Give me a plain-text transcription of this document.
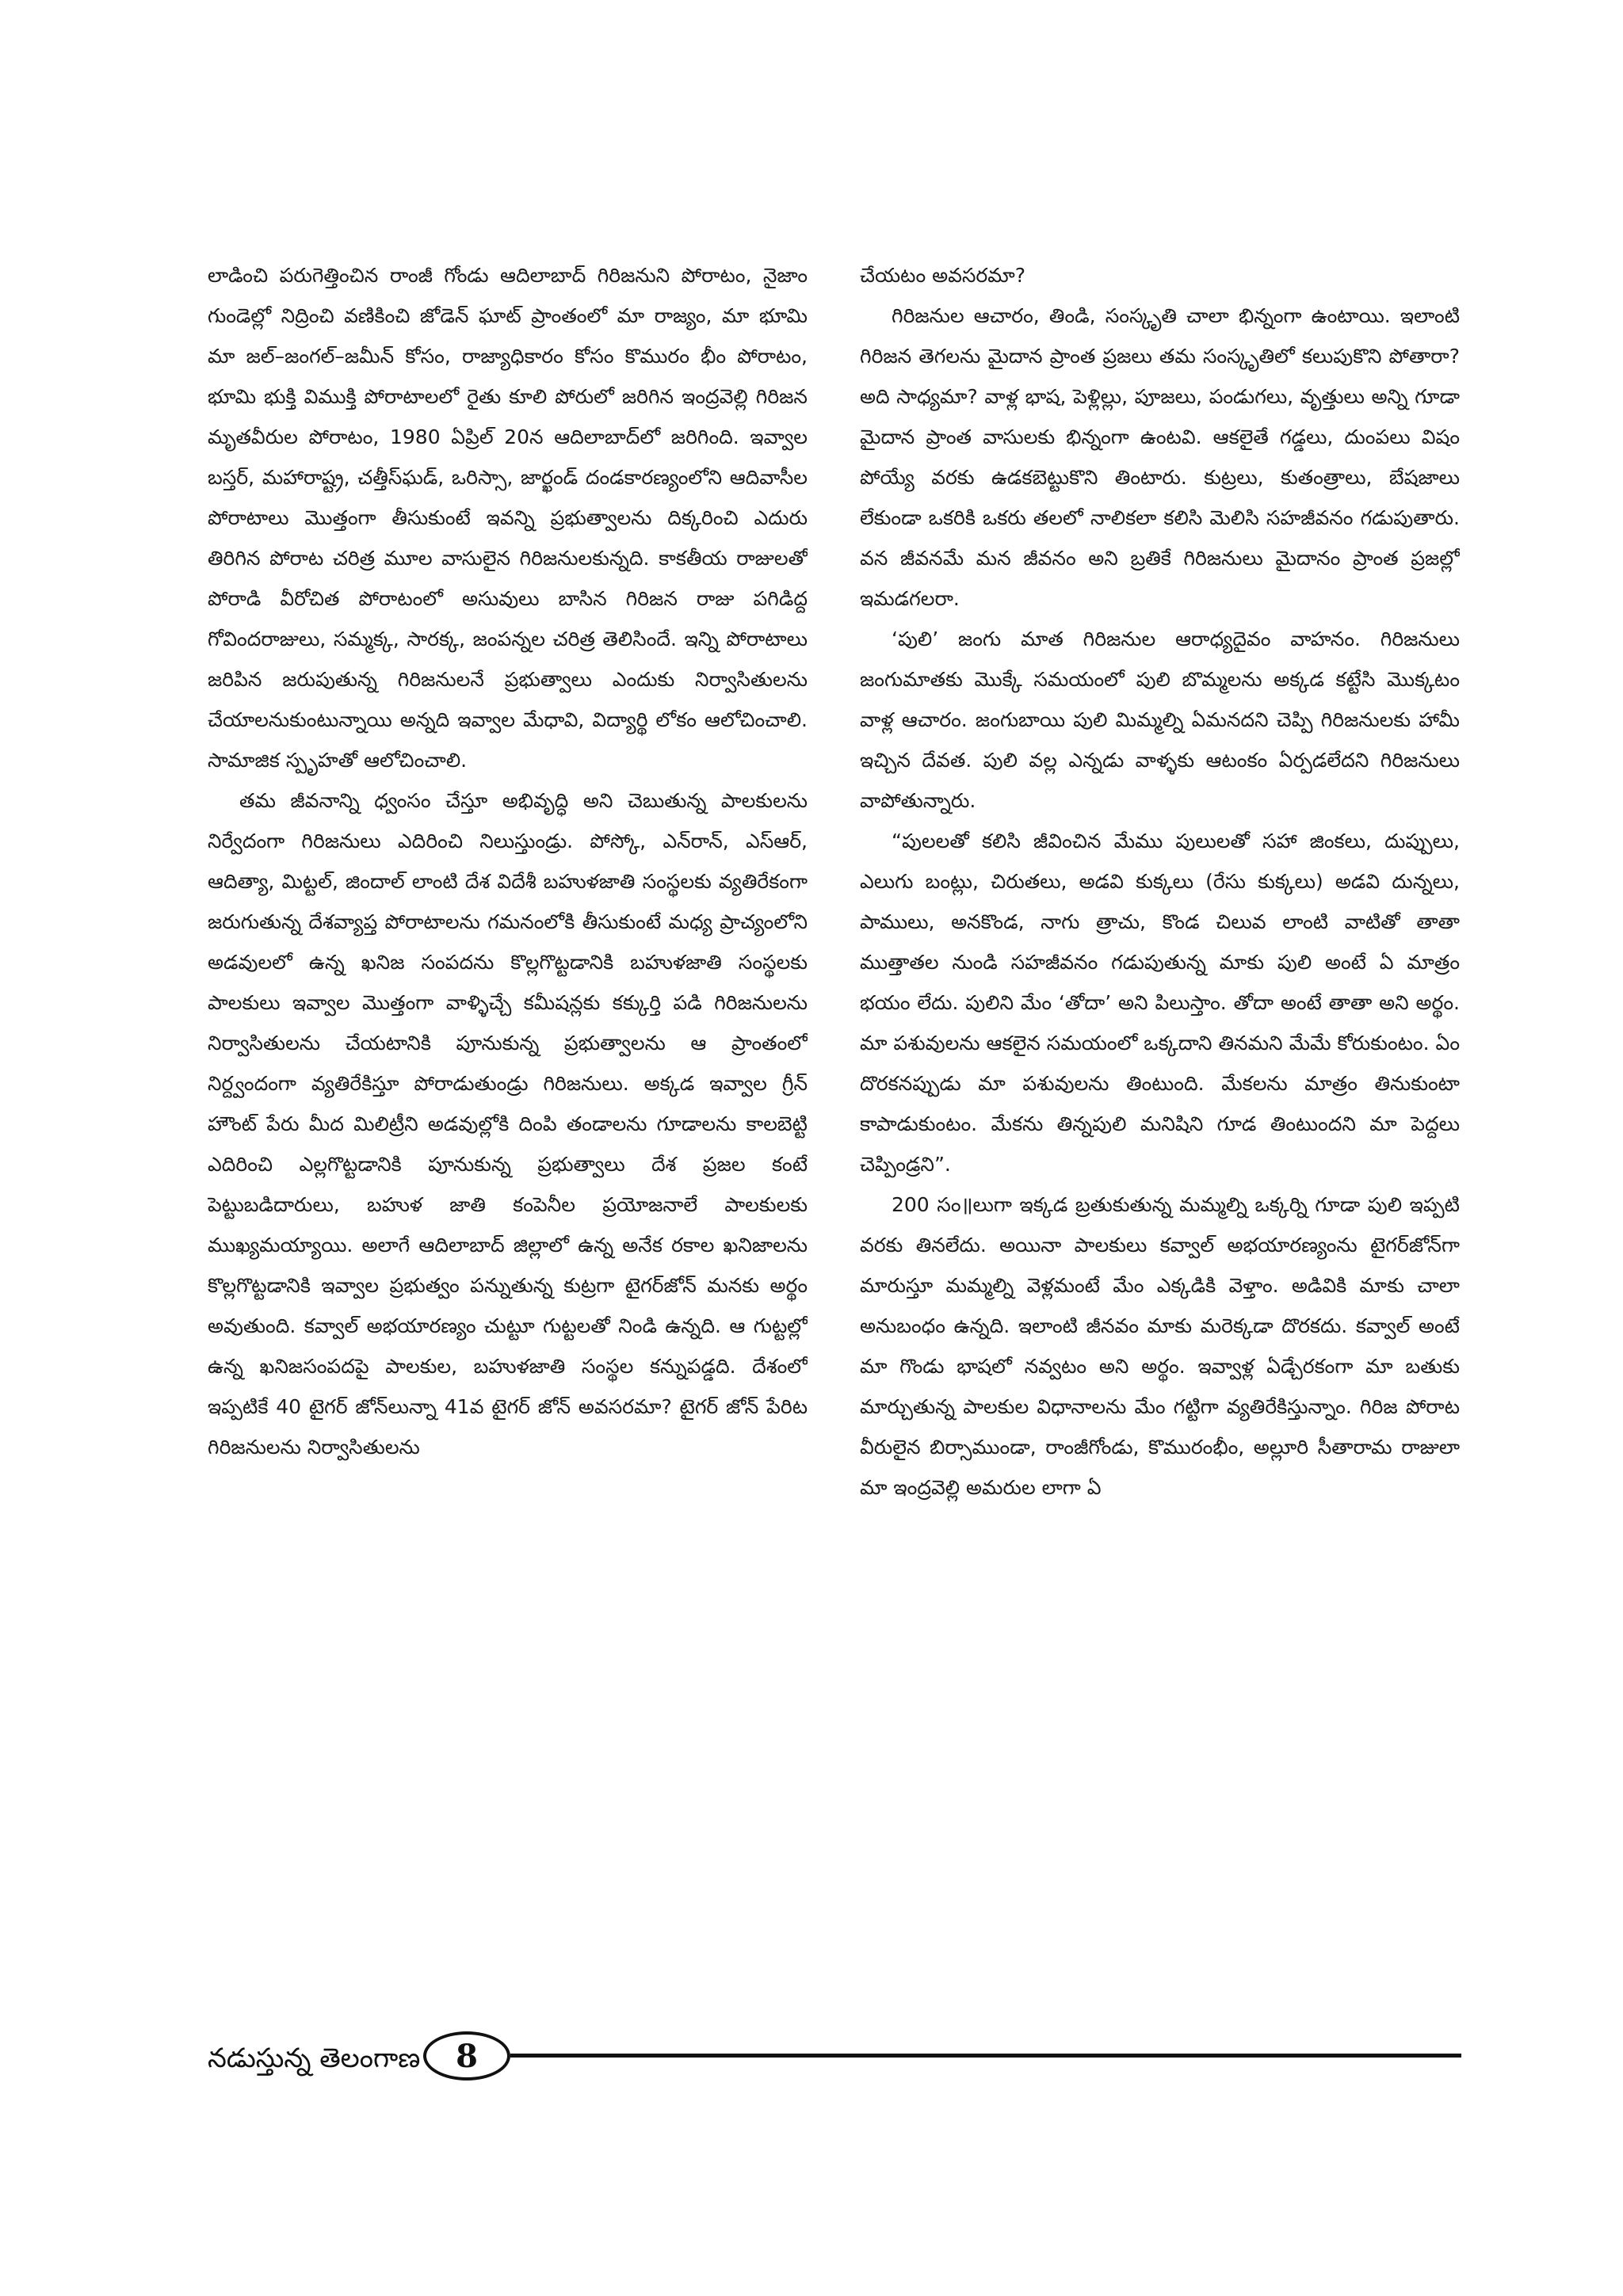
లాడించి పరుగెత్తించిన రాంజీ గోండు ఆదిలాబాద్ గిరిజనుని పోరాటం, నైజాం గుండెల్లో నిద్రించి వణికించి జోడెన్ ఘాట్ ప్రాంతంలో మా రాజ్యం, మా భూమి మా జల్–జంగల్–జమీన్ కోసం, రాజ్యాధికారం కోసం కొమురం భీం పోరాటం, భూమి భుక్తి విముక్తి పోరాటాలలో రైతు కూలి పోరులో జరిగిన ఇంద్రవెల్లి గిరిజన మృతవీరుల పోరాటం, 1980 ఏప్రిల్ 20న ఆదిలాబాద్‌లో జరిగింది. ఇవ్వాల బస్తర్, మహారాష్ట్ర, చత్తీస్‌ఘడ్, ఒరిస్సా, జార్ఖండ్ దండకారణ్యంలోని ఆదివాసీల పోరాటాలు మొత్తంగా తీసుకుంటే ఇవన్ని ప్రభుత్వాలను దిక్కరించి ఎదురు తిరిగిన పోరాట చరిత్ర మూల వాసులైన గిరిజనులకున్నది. కాకతీయ రాజులతో పోరాడి వీరోచిత పోరాటంలో అసువులు బాసిన గిరిజన రాజు పగిడిద్ద గోవిందరాజులు, సమ్మక్క, సారక్క, జంపన్నల చరిత్ర తెలిసిందే. ఇన్ని పోరాటాలు జరిపిన జరుపుతున్న గిరిజనులనే ప్రభుత్వాలు ఎందుకు నిర్వాసితులను చేయాలనుకుంటున్నాయి అన్నది ఇవ్వాల మేధావి, విద్యార్థి లోకం ఆలోచించాలి. సామాజిక స్పృహతో ఆలోచించాలి.

తమ జీవనాన్ని ధ్వంసం చేస్తూ అభివృద్ధి అని చెబుతున్న పాలకులను నిర్వేదంగా గిరిజనులు ఎదిరించి నిలుస్తుండ్రు. పోస్కో, ఎన్‌రాన్, ఎస్‌ఆర్, ఆదిత్యా, మిట్టల్, జిందాల్ లాంటి దేశ విదేశీ బహుళజాతి సంస్థలకు వ్యతిరేకంగా జరుగుతున్న దేశవ్యాప్త పోరాటాలను గమనంలోకి తీసుకుంటే మధ్య ప్రాచ్యంలోని అడవులలో ఉన్న ఖనిజ సంపదను కొల్లగొట్టడానికి బహుళజాతి సంస్థలకు పాలకులు ఇవ్వాల మొత్తంగా వాళ్ళిచ్చే కమీషన్లకు కక్కుర్తి పడి గిరిజనులను నిర్వాసితులను చేయటానికి పూనుకున్న ప్రభుత్వాలను ఆ ప్రాంతంలో నిర్ద్వందంగా వ్యతిరేకిస్తూ పోరాడుతుండ్రు గిరిజనులు. అక్కడ ఇవ్వాల గ్రీన్ హౌంట్ పేరు మీద మిలిట్రీని అడవుల్లోకి దింపి తండాలను గూడాలను కాలబెట్టి ఎదిరించి ఎల్లగొట్టడానికి పూనుకున్న ప్రభుత్వాలు దేశ ప్రజల కంటే పెట్టుబడిదారులు, బహుళ జాతి కంపెనీల ప్రయోజనాలే పాలకులకు ముఖ్యమయ్యాయి. అలాగే ఆదిలాబాద్ జిల్లాలో ఉన్న అనేక రకాల ఖనిజాలను కొల్లగొట్టడానికి ఇవ్వాల ప్రభుత్వం పన్నుతున్న కుట్రగా టైగర్‌జోన్ మనకు అర్థం అవుతుంది. కవ్వాల్ అభయారణ్యం చుట్టూ గుట్టలతో నిండి ఉన్నది. ఆ గుట్టల్లో ఉన్న ఖనిజసంపదపై పాలకుల, బహుళజాతి సంస్థల కన్నుపడ్డది. దేశంలో ఇప్పటికే 40 టైగర్ జోన్‌లున్నా 41వ టైగర్ జోన్ అవసరమా? టైగర్ జోన్ పేరిట గిరిజనులను నిర్వాసితులను

చేయటం అవసరమా?

గిరిజనుల ఆచారం, తిండి, సంస్కృతి చాలా భిన్నంగా ఉంటాయి. ఇలాంటి గిరిజన తెగలను మైదాన ప్రాంత ప్రజలు తమ సంస్కృతిలో కలుపుకొని పోతారా? అది సాధ్యమా? వాళ్ల భాష, పెళ్లిల్లు, పూజలు, పండుగలు, వృత్తులు అన్ని గూడా మైదాన ప్రాంత వాసులకు భిన్నంగా ఉంటవి. ఆకలైతే గడ్డలు, దుంపలు విషం పోయ్యే వరకు ఉడకబెట్టుకొని తింటారు. కుట్రలు, కుతంత్రాలు, బేషజాలు లేకుండా ఒకరికి ఒకరు తలలో నాలికలా కలిసి మెలిసి సహజీవనం గడుపుతారు. వన జీవనమే మన జీవనం అని బ్రతికే గిరిజనులు మైదానం ప్రాంత ప్రజల్లో ఇమడగలరా.

‘పులి’ జంగు మాత గిరిజనుల ఆరాధ్యదైవం వాహనం. గిరిజనులు జంగుమాతకు మొక్కే సమయంలో పులి బొమ్మలను అక్కడ కట్టేసి మొక్కటం వాళ్ల ఆచారం. జంగుబాయి పులి మిమ్మల్ని ఏమనదని చెప్పి గిరిజనులకు హామీ ఇచ్చిన దేవత. పులి వల్ల ఎన్నడు వాళ్ళకు ఆటంకం ఏర్పడలేదని గిరిజనులు వాపోతున్నారు.

“పులలతో కలిసి జీవించిన మేము పులులతో సహా జింకలు, దుప్పులు, ఎలుగు బంట్లు, చిరుతలు, అడవి కుక్కలు (రేసు కుక్కలు) అడవి దున్నలు, పాములు, అనకొండ, నాగు త్రాచు, కొండ చిలువ లాంటి వాటితో తాతా ముత్తాతల నుండి సహజీవనం గడుపుతున్న మాకు పులి అంటే ఏ మాత్రం భయం లేదు. పులిని మేం ‘తోదా’ అని పిలుస్తాం. తోదా అంటే తాతా అని అర్థం. మా పశువులను ఆకలైన సమయంలో ఒక్కదాని తినమని మేమే కోరుకుంటం. ఏం దొరకనప్పుడు మా పశువులను తింటుంది. మేకలను మాత్రం తినుకుంటా కాపాడుకుంటం. మేకను తిన్నపులి మనిషిని గూడ తింటుందని మా పెద్దలు చెప్పిండ్రని”.

200 సం॥లుగా ఇక్కడ బ్రతుకుతున్న మమ్మల్ని ఒక్కర్ని గూడా పులి ఇప్పటి వరకు తినలేదు. అయినా పాలకులు కవ్వాల్ అభయారణ్యంను టైగర్‌జోన్‌గా మారుస్తూ మమ్మల్ని వెళ్లమంటే మేం ఎక్కడికి వెళ్తాం. అడివికి మాకు చాలా అనుబంధం ఉన్నది. ఇలాంటి జీనవం మాకు మరెక్కడా దొరకదు. కవ్వాల్ అంటే మా గొండు భాషలో నవ్వటం అని అర్థం. ఇవ్వాళ్ల ఏడ్చేరకంగా మా బతుకు మార్చుతున్న పాలకుల విధానాలను మేం గట్టిగా వ్యతిరేకిస్తున్నాం. గిరిజ పోరాట వీరులైన బిర్సాముండా, రాంజీగోండు, కొమురంభీం, అల్లూరి సీతారామ రాజులా మా ఇంద్రవెల్లి అమరుల లాగా ఏ

నడుస్తున్న తెలంగాణ	8
